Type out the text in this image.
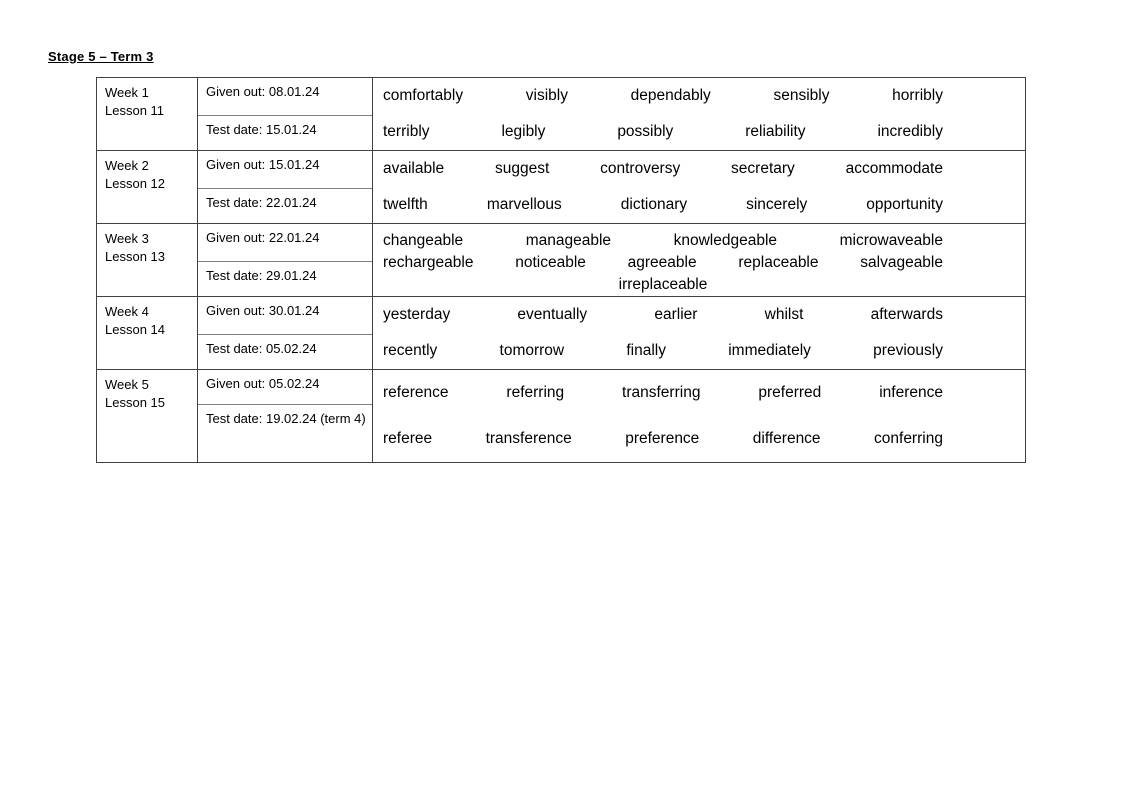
Stage 5 – Term 3
Week 1
Lesson 11
Given out: 08.01.24
Test date: 15.01.24
comfortably	visibly	dependably	sensibly	horribly
terribly	legibly	possibly	reliability	incredibly
Week 2
Lesson 12
Given out: 15.01.24
Test date: 22.01.24
available	suggest	controversy	secretary	accommodate
twelfth	marvellous	dictionary	sincerely	opportunity
Week 3
Lesson 13
Given out: 22.01.24
Test date: 29.01.24
changeable	manageable	knowledgeable	microwaveable
rechargeable	noticeable	agreeable	replaceable	salvageable
irreplaceable
Week 4
Lesson 14
Given out: 30.01.24
Test date: 05.02.24
yesterday	eventually	earlier	whilst	afterwards
recently	tomorrow	finally	immediately	previously
Week 5
Lesson 15
Given out: 05.02.24
Test date: 19.02.24 (term 4)
reference	referring	transferring	preferred	inference
referee	transference	preference	difference	conferring
